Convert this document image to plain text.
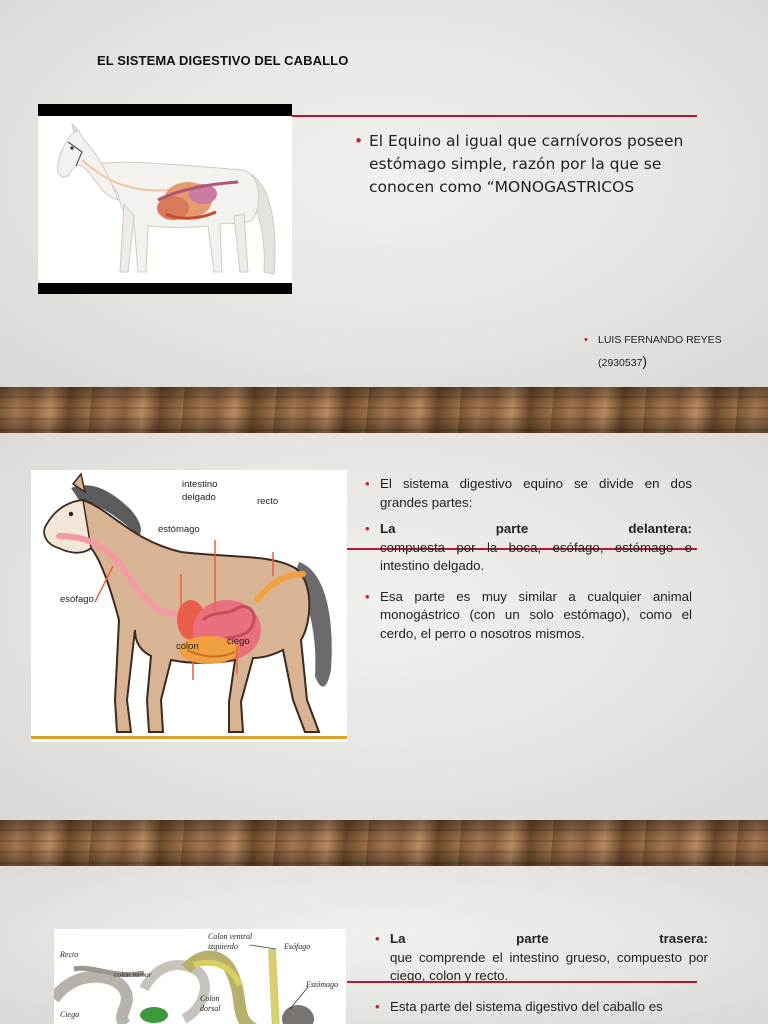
EL SISTEMA DIGESTIVO DEL CABALLO
• El Equino al igual que carnívoros poseen estómago simple, razón por la que se conocen como “MONOGASTRICOS
• LUIS FERNANDO REYES
(2930537)
intestino
delgado	recto
estómago
esófago
colon	ciego
• El sistema digestivo equino se divide en dos grandes partes:
• La parte delantera:
compuesta por la boca, esófago, estómago e intestino delgado.
• Esa parte es muy similar a cualquier animal monogástrico (con un solo estómago), como el cerdo, el perro o nosotros mismos.
Colon ventral
izquierdo	Esófago
Recto
colon menor
Estómago
Colon
dorsal
Ciego
• La parte trasera:
que comprende el intestino grueso, compuesto por ciego, colon y recto.
• Esta parte del sistema digestivo del caballo es
